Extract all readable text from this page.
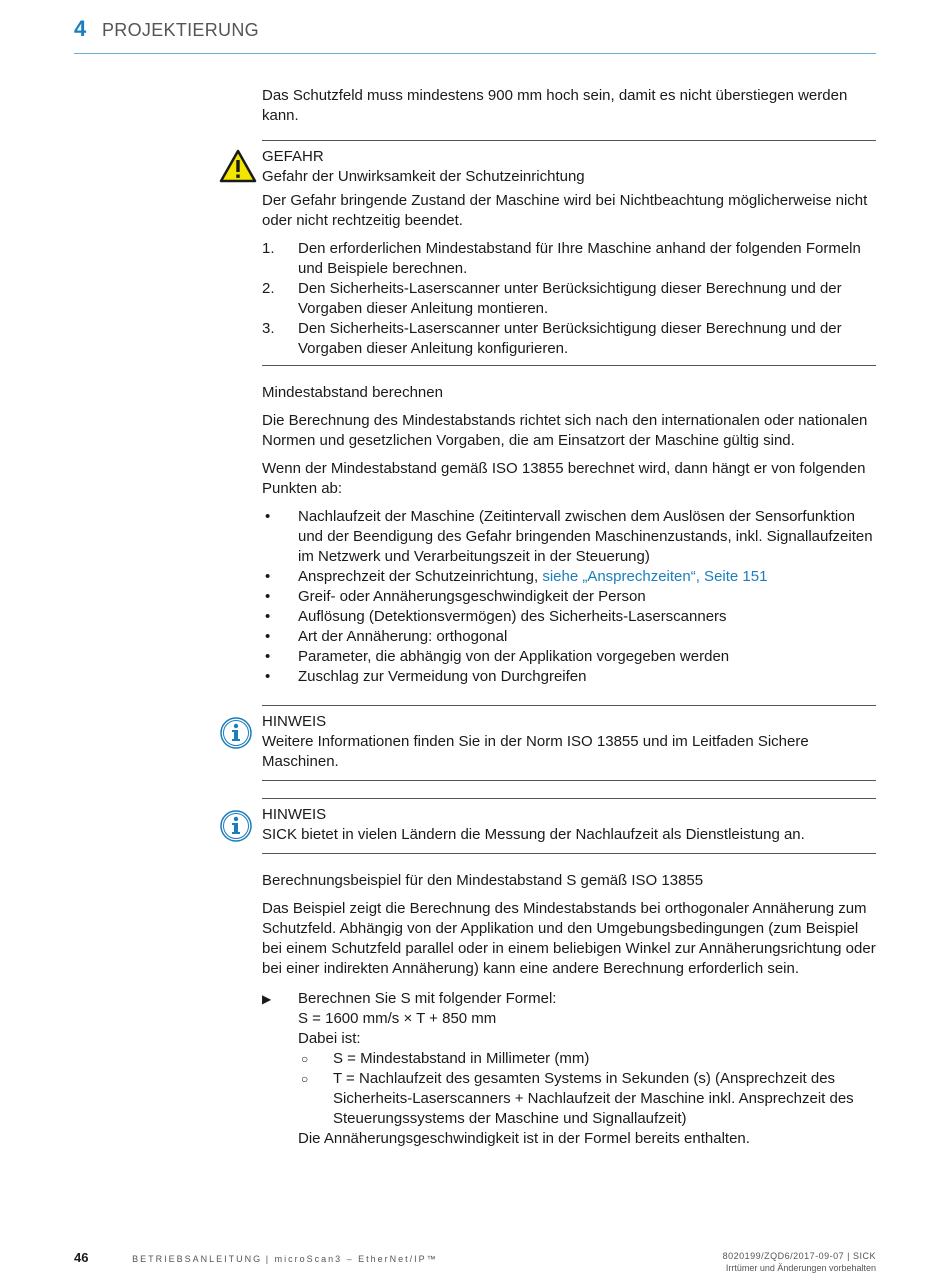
4 PROJEKTIERUNG

Das Schutzfeld muss mindestens 900 mm hoch sein, damit es nicht überstiegen werden kann.

GEFAHR

Gefahr der Unwirksamkeit der Schutzeinrichtung

Der Gefahr bringende Zustand der Maschine wird bei Nichtbeachtung möglicherweise nicht oder nicht rechtzeitig beendet.

1. Den erforderlichen Mindestabstand für Ihre Maschine anhand der folgenden Formeln und Beispiele berechnen.
2. Den Sicherheits-Laserscanner unter Berücksichtigung dieser Berechnung und der Vorgaben dieser Anleitung montieren.
3. Den Sicherheits-Laserscanner unter Berücksichtigung dieser Berechnung und der Vorgaben dieser Anleitung konfigurieren.

Mindestabstand berechnen

Die Berechnung des Mindestabstands richtet sich nach den internationalen oder nationalen Normen und gesetzlichen Vorgaben, die am Einsatzort der Maschine gültig sind.

Wenn der Mindestabstand gemäß ISO 13855 berechnet wird, dann hängt er von folgenden Punkten ab:

• Nachlaufzeit der Maschine (Zeitintervall zwischen dem Auslösen der Sensorfunktion und der Beendigung des Gefahr bringenden Maschinenzustands, inkl. Signallaufzeiten im Netzwerk und Verarbeitungszeit in der Steuerung)
• Ansprechzeit der Schutzeinrichtung, siehe „Ansprechzeiten“, Seite 151
• Greif- oder Annäherungsgeschwindigkeit der Person
• Auflösung (Detektionsvermögen) des Sicherheits-Laserscanners
• Art der Annäherung: orthogonal
• Parameter, die abhängig von der Applikation vorgegeben werden
• Zuschlag zur Vermeidung von Durchgreifen

HINWEIS

Weitere Informationen finden Sie in der Norm ISO 13855 und im Leitfaden Sichere Maschinen.

HINWEIS

SICK bietet in vielen Ländern die Messung der Nachlaufzeit als Dienstleistung an.

Berechnungsbeispiel für den Mindestabstand S gemäß ISO 13855

Das Beispiel zeigt die Berechnung des Mindestabstands bei orthogonaler Annäherung zum Schutzfeld. Abhängig von der Applikation und den Umgebungsbedingungen (zum Beispiel bei einem Schutzfeld parallel oder in einem beliebigen Winkel zur Annäherungsrichtung oder bei einer indirekten Annäherung) kann eine andere Berechnung erforderlich sein.

▶ Berechnen Sie S mit folgender Formel:
S = 1600 mm/s × T + 850 mm
Dabei ist:
○ S = Mindestabstand in Millimeter (mm)
○ T = Nachlaufzeit des gesamten Systems in Sekunden (s) (Ansprechzeit des Sicherheits-Laserscanners + Nachlaufzeit der Maschine inkl. Ansprechzeit des Steuerungssystems der Maschine und Signallaufzeit)
Die Annäherungsgeschwindigkeit ist in der Formel bereits enthalten.
46	BETRIEBSANLEITUNG | microScan3 – EtherNet/IP™	8020199/ZQD6/2017-09-07 | SICK
Irrtümer und Änderungen vorbehalten
